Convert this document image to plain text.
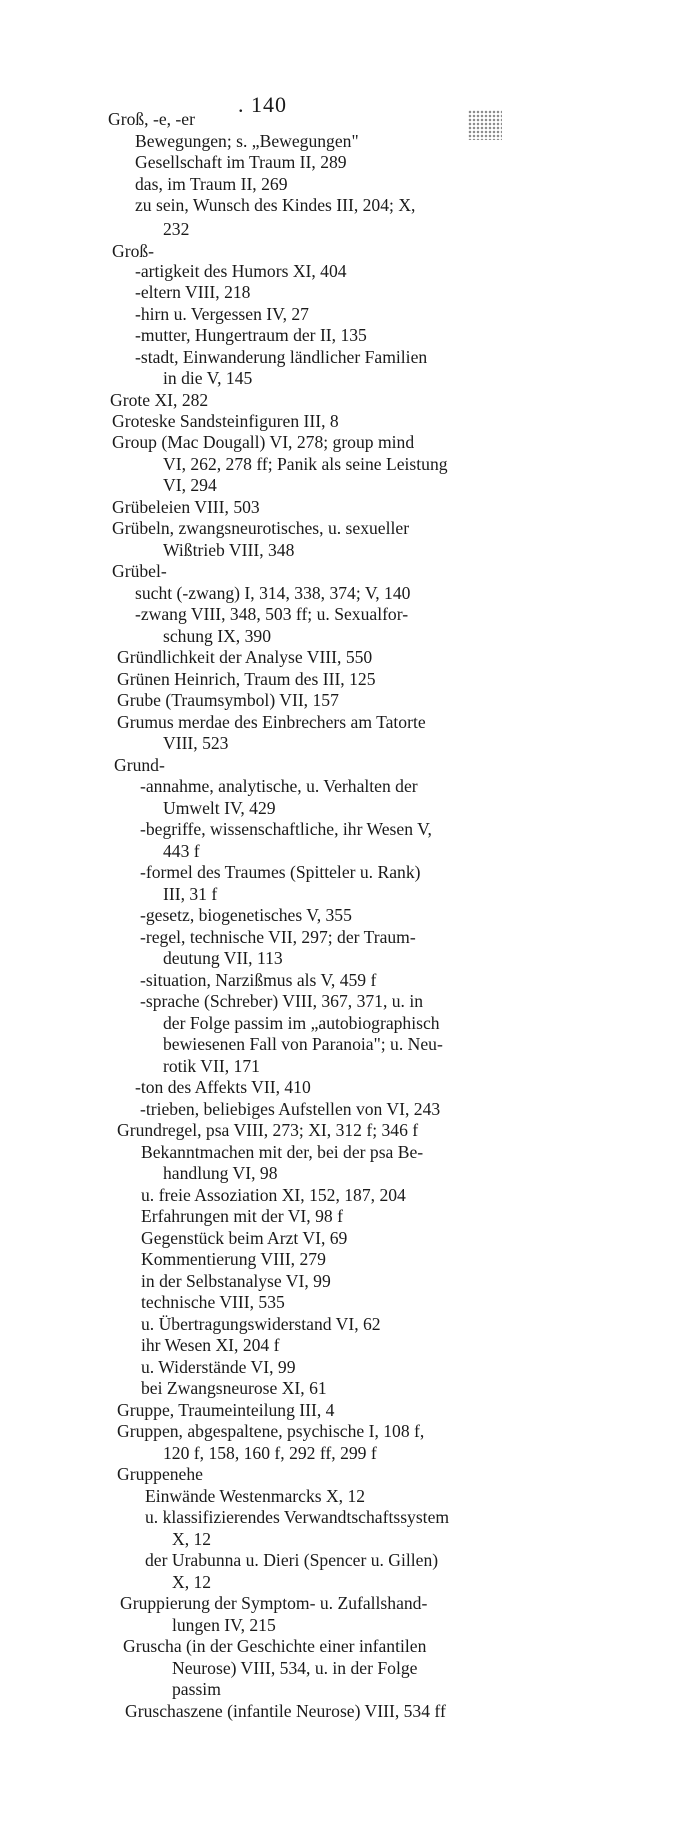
. 140
Groß, -e, -er
Bewegungen; s. „Bewegungen"
Gesellschaft im Traum II, 289
das, im Traum II, 269
zu sein, Wunsch des Kindes III, 204; X,
232
Groß-
-artigkeit des Humors XI, 404
-eltern VIII, 218
-hirn u. Vergessen IV, 27
-mutter, Hungertraum der II, 135
-stadt, Einwanderung ländlicher Familien
in die V, 145
Grote XI, 282
Groteske Sandsteinfiguren III, 8
Group (Mac Dougall) VI, 278; group mind
VI, 262, 278 ff; Panik als seine Leistung
VI, 294
Grübeleien VIII, 503
Grübeln, zwangsneurotisches, u. sexueller
Wißtrieb VIII, 348
Grübel-
sucht (-zwang) I, 314, 338, 374; V, 140
-zwang VIII, 348, 503 ff; u. Sexualfor-
schung IX, 390
Gründlichkeit der Analyse VIII, 550
Grünen Heinrich, Traum des III, 125
Grube (Traumsymbol) VII, 157
Grumus merdae des Einbrechers am Tatorte
VIII, 523
Grund-
-annahme, analytische, u. Verhalten der
Umwelt IV, 429
-begriffe, wissenschaftliche, ihr Wesen V,
443 f
-formel des Traumes (Spitteler u. Rank)
III, 31 f
-gesetz, biogenetisches V, 355
-regel, technische VII, 297; der Traum-
deutung VII, 113
-situation, Narzißmus als V, 459 f
-sprache (Schreber) VIII, 367, 371, u. in
der Folge passim im „autobiographisch
bewiesenen Fall von Paranoia"; u. Neu-
rotik VII, 171
-ton des Affekts VII, 410
-trieben, beliebiges Aufstellen von VI, 243
Grundregel, psa VIII, 273; XI, 312 f; 346 f
Bekanntmachen mit der, bei der psa Be-
handlung VI, 98
u. freie Assoziation XI, 152, 187, 204
Erfahrungen mit der VI, 98 f
Gegenstück beim Arzt VI, 69
Kommentierung VIII, 279
in der Selbstanalyse VI, 99
technische VIII, 535
u. Übertragungswiderstand VI, 62
ihr Wesen XI, 204 f
u. Widerstände VI, 99
bei Zwangsneurose XI, 61
Gruppe, Traumeinteilung III, 4
Gruppen, abgespaltene, psychische I, 108 f,
120 f, 158, 160 f, 292 ff, 299 f
Gruppenehe
Einwände Westenmarcks X, 12
u. klassifizierendes Verwandtschaftssystem
X, 12
der Urabunna u. Dieri (Spencer u. Gillen)
X, 12
Gruppierung der Symptom- u. Zufallshand-
lungen IV, 215
Gruscha (in der Geschichte einer infantilen
Neurose) VIII, 534, u. in der Folge
passim
Gruschaszene (infantile Neurose) VIII, 534 ff
